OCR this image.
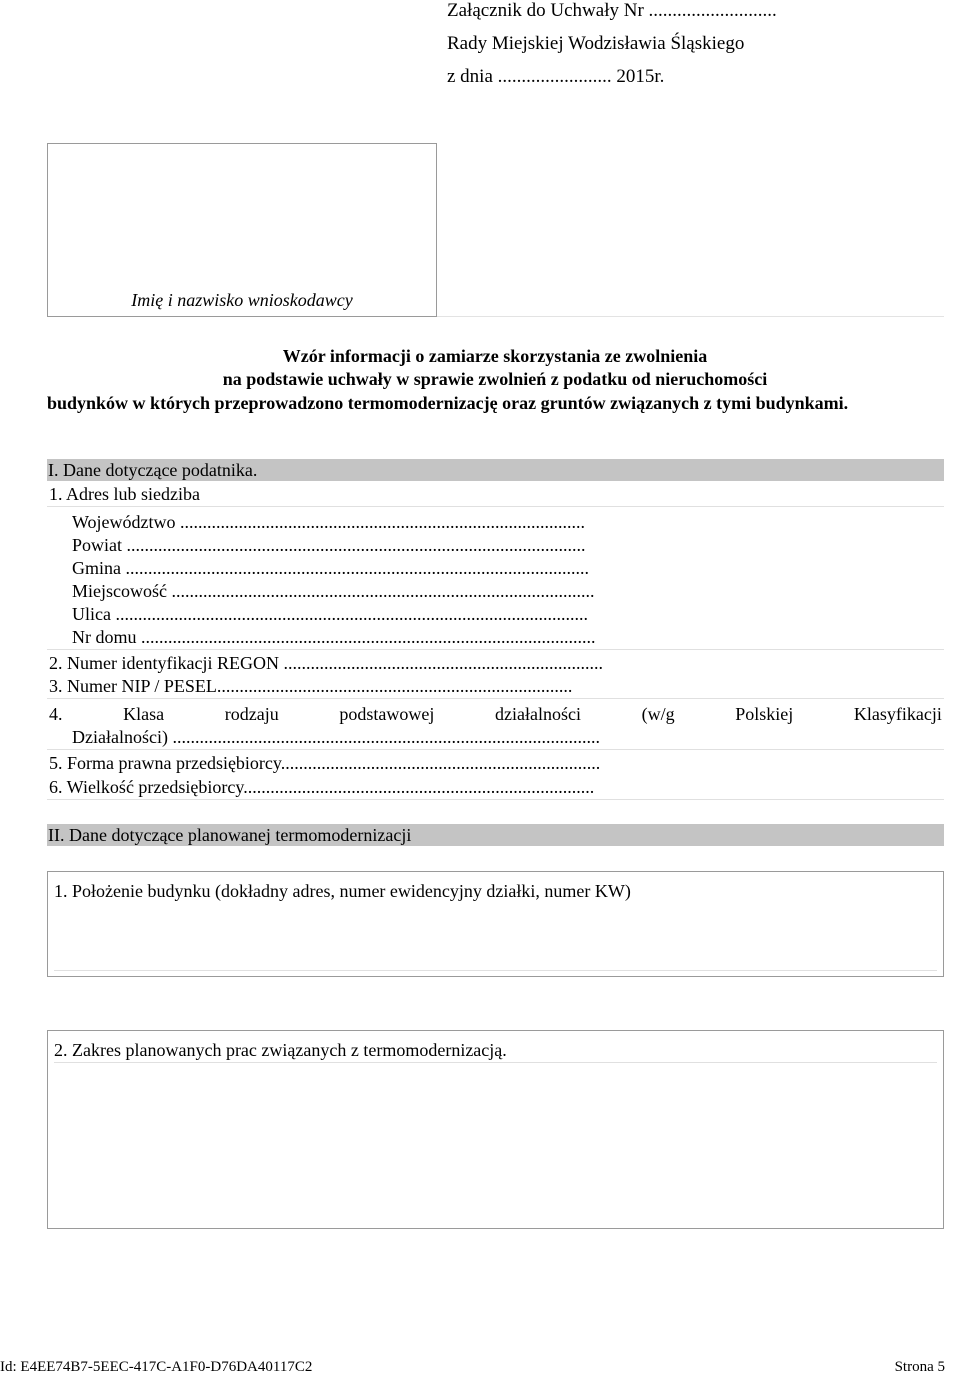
Załącznik do Uchwały Nr ...........................
Rady Miejskiej Wodzisławia Śląskiego
z dnia ........................ 2015r.
Imię i nazwisko wnioskodawcy
Wzór informacji o zamiarze skorzystania ze zwolnienia
na podstawie uchwały w sprawie zwolnień z podatku od nieruchomości
budynków w których przeprowadzono termomodernizację oraz gruntów związanych z tymi budynkami.
I. Dane dotyczące podatnika.
1. Adres lub siedziba
Województwo ..........................................................................................
Powiat ......................................................................................................
Gmina .......................................................................................................
Miejscowość ..............................................................................................
Ulica .........................................................................................................
Nr domu .....................................................................................................
2. Numer identyfikacji REGON .......................................................................
3. Numer NIP / PESEL...............................................................................
4.	Klasa	rodzaju	podstawowej	działalności	(w/g	Polskiej	Klasyfikacji
Działalności) ...............................................................................................
5. Forma prawna przedsiębiorcy.......................................................................
6. Wielkość przedsiębiorcy..............................................................................
II. Dane dotyczące planowanej termomodernizacji
1. Położenie budynku (dokładny adres, numer ewidencyjny działki, numer KW)
2. Zakres planowanych prac związanych z termomodernizacją.
Id: E4EE74B7-5EEC-417C-A1F0-D76DA40117C2	Strona 5
